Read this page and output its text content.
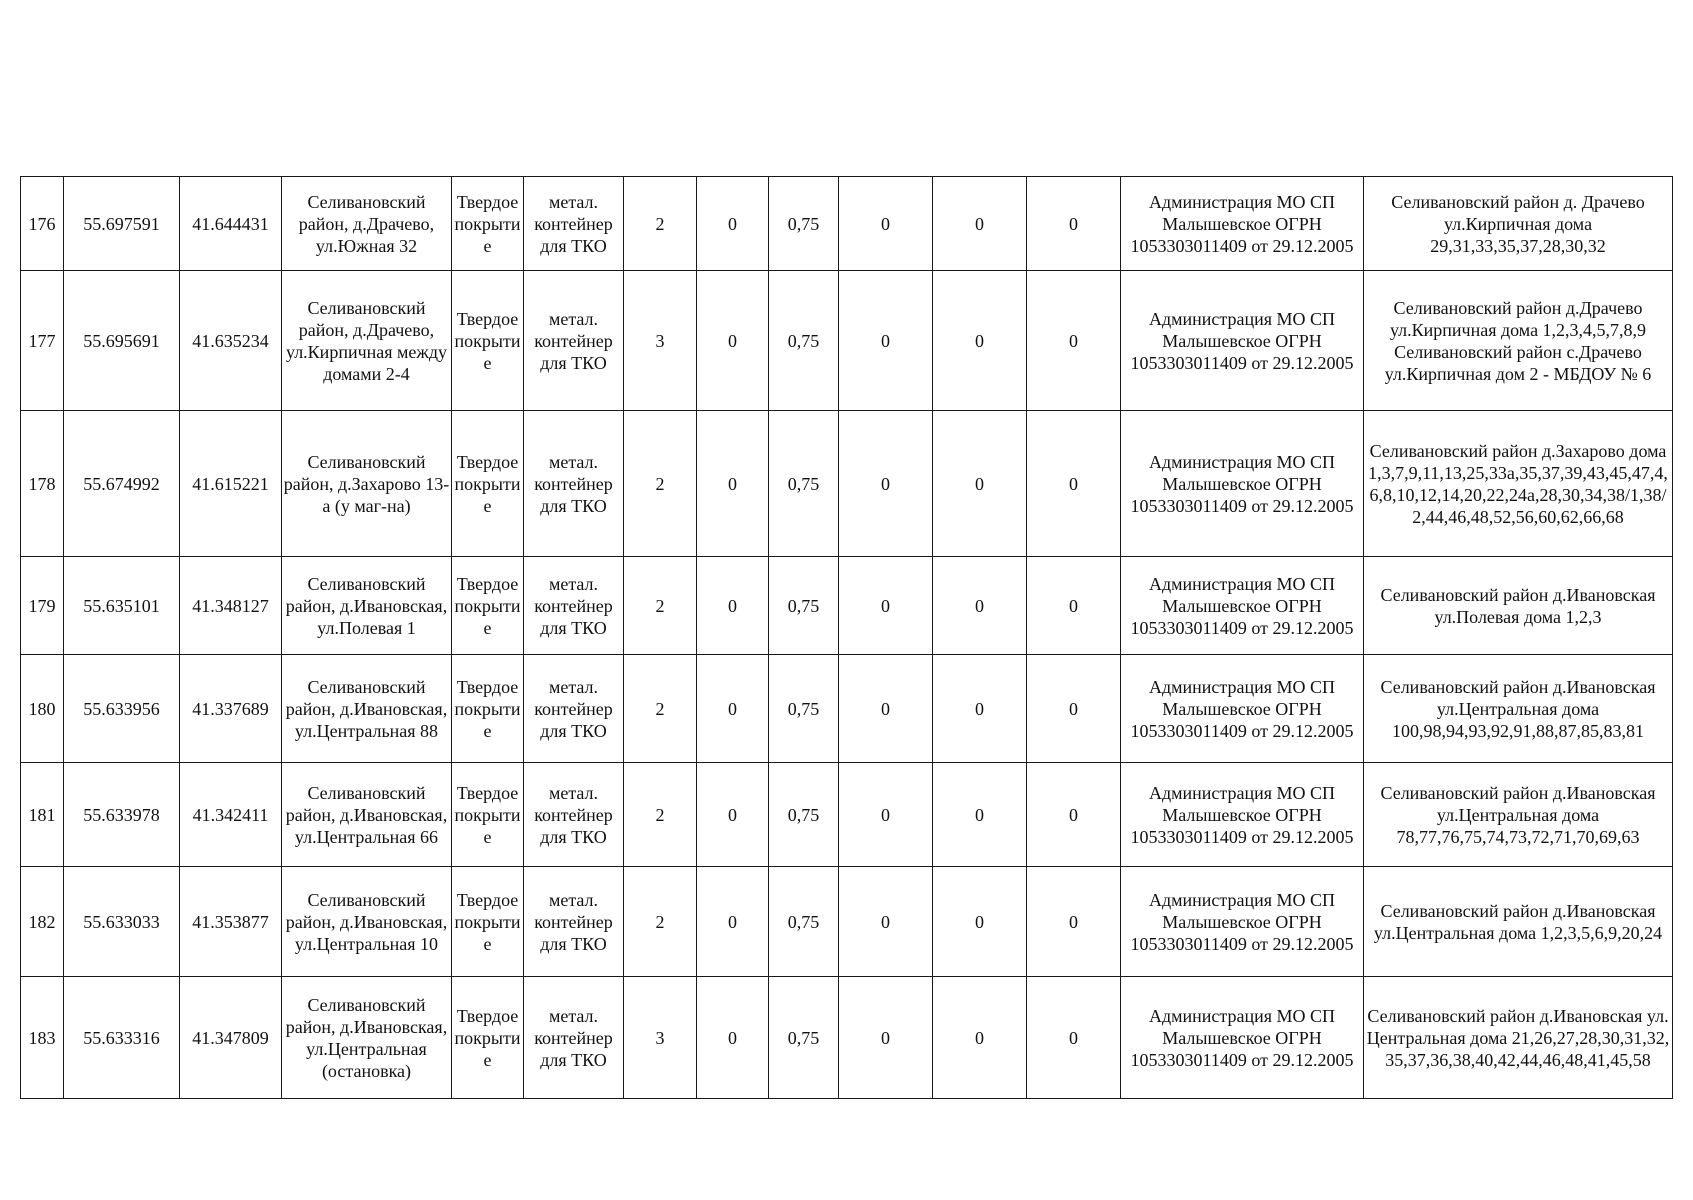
176	55.697591	41.644431	Селивановский район, д.Драчево, ул.Южная 32	Твердое покрытие	метал. контейнер для ТКО	2	0	0,75	0	0	0	Администрация МО СП Малышевское ОГРН 1053303011409 от 29.12.2005	Селивановский район д. Драчево ул.Кирпичная дома 29,31,33,35,37,28,30,32
177	55.695691	41.635234	Селивановский район, д.Драчево, ул.Кирпичная между домами 2-4	Твердое покрытие	метал. контейнер для ТКО	3	0	0,75	0	0	0	Администрация МО СП Малышевское ОГРН 1053303011409 от 29.12.2005	Селивановский район д.Драчево ул.Кирпичная дома 1,2,3,4,5,7,8,9 Селивановский район с.Драчево ул.Кирпичная дом 2 - МБДОУ № 6
178	55.674992	41.615221	Селивановский район, д.Захарово 13-а (у маг-на)	Твердое покрытие	метал. контейнер для ТКО	2	0	0,75	0	0	0	Администрация МО СП Малышевское ОГРН 1053303011409 от 29.12.2005	Селивановский район д.Захарово дома 1,3,7,9,11,13,25,33а,35,37,39,43,45,47,4,6,8,10,12,14,20,22,24а,28,30,34,38/1,38/2,44,46,48,52,56,60,62,66,68
179	55.635101	41.348127	Селивановский район, д.Ивановская, ул.Полевая 1	Твердое покрытие	метал. контейнер для ТКО	2	0	0,75	0	0	0	Администрация МО СП Малышевское ОГРН 1053303011409 от 29.12.2005	Селивановский район д.Ивановская ул.Полевая дома 1,2,3
180	55.633956	41.337689	Селивановский район, д.Ивановская, ул.Центральная 88	Твердое покрытие	метал. контейнер для ТКО	2	0	0,75	0	0	0	Администрация МО СП Малышевское ОГРН 1053303011409 от 29.12.2005	Селивановский район д.Ивановская ул.Центральная дома 100,98,94,93,92,91,88,87,85,83,81
181	55.633978	41.342411	Селивановский район, д.Ивановская, ул.Центральная 66	Твердое покрытие	метал. контейнер для ТКО	2	0	0,75	0	0	0	Администрация МО СП Малышевское ОГРН 1053303011409 от 29.12.2005	Селивановский район д.Ивановская ул.Центральная дома 78,77,76,75,74,73,72,71,70,69,63
182	55.633033	41.353877	Селивановский район, д.Ивановская, ул.Центральная 10	Твердое покрытие	метал. контейнер для ТКО	2	0	0,75	0	0	0	Администрация МО СП Малышевское ОГРН 1053303011409 от 29.12.2005	Селивановский район д.Ивановская ул.Центральная дома 1,2,3,5,6,9,20,24
183	55.633316	41.347809	Селивановский район, д.Ивановская, ул.Центральная (остановка)	Твердое покрытие	метал. контейнер для ТКО	3	0	0,75	0	0	0	Администрация МО СП Малышевское ОГРН 1053303011409 от 29.12.2005	Селивановский район д.Ивановская ул.Центральная дома 21,26,27,28,30,31,32,35,37,36,38,40,42,44,46,48,41,45,58
